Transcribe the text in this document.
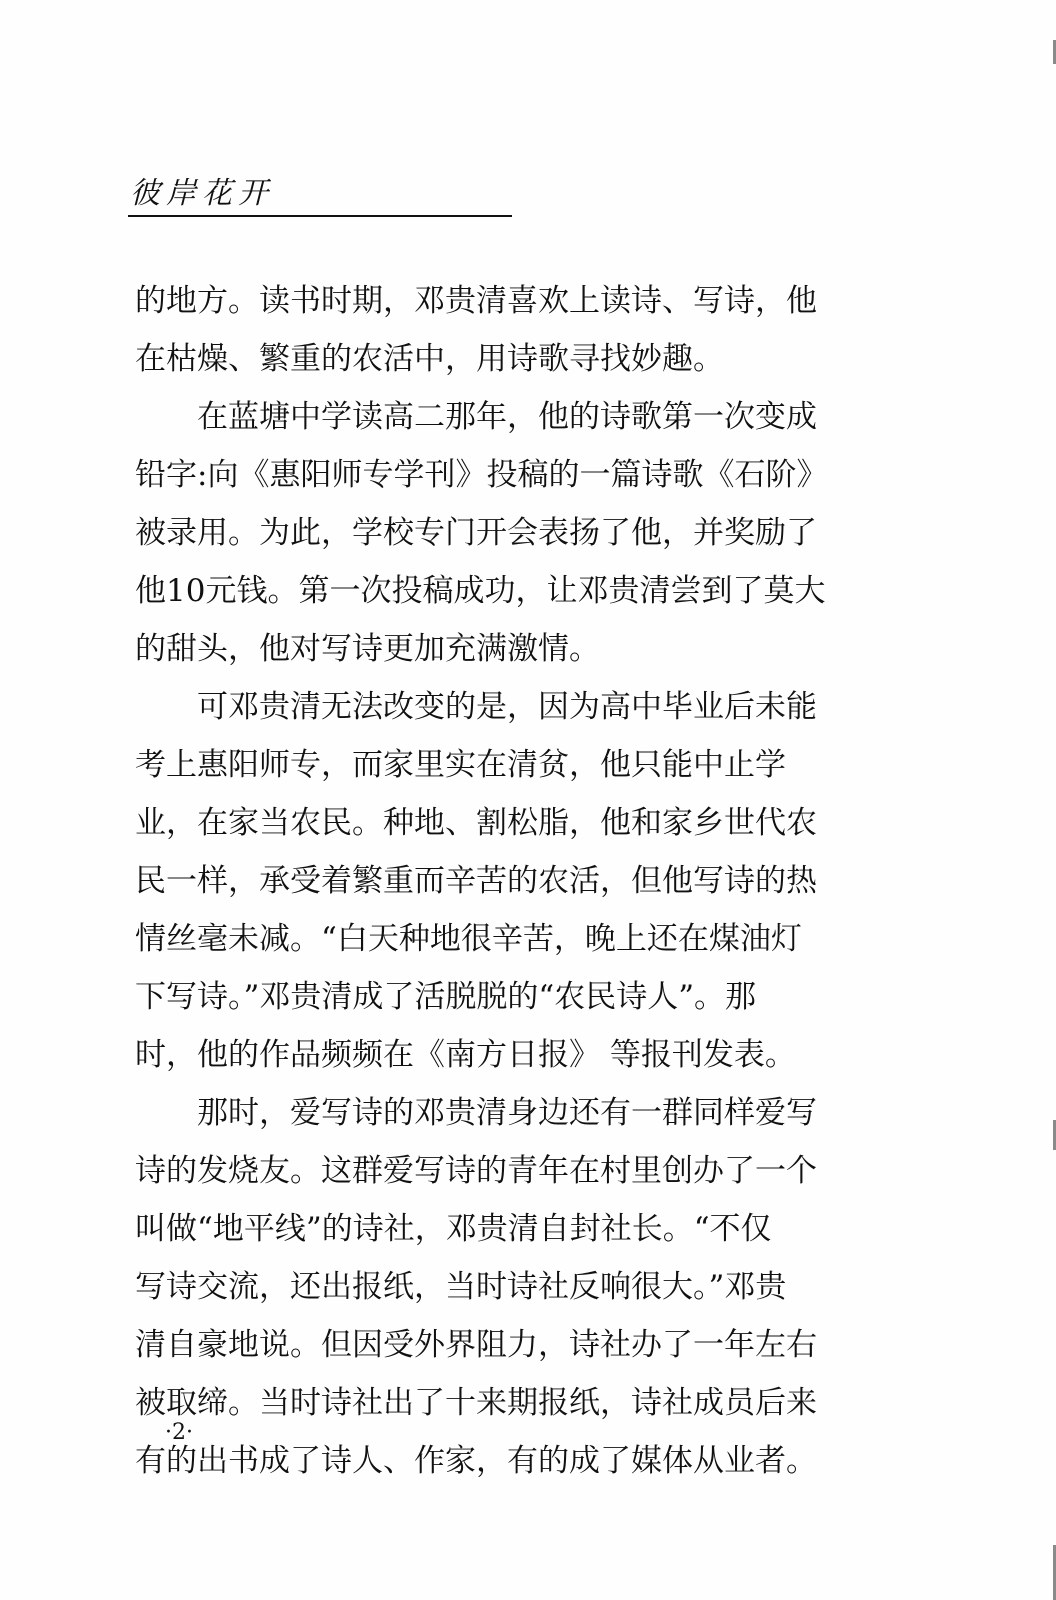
彼岸花开
的地方。读书时期，邓贵清喜欢上读诗、写诗，他
在枯燥、繁重的农活中，用诗歌寻找妙趣。
在蓝塘中学读高二那年，他的诗歌第一次变成
铅字:向《惠阳师专学刊》投稿的一篇诗歌《石阶》
被录用。为此，学校专门开会表扬了他，并奖励了
他10元钱。第一次投稿成功，让邓贵清尝到了莫大
的甜头，他对写诗更加充满激情。
可邓贵清无法改变的是，因为高中毕业后未能
考上惠阳师专，而家里实在清贫，他只能中止学
业，在家当农民。种地、割松脂，他和家乡世代农
民一样，承受着繁重而辛苦的农活，但他写诗的热
情丝毫未减。“白天种地很辛苦，晚上还在煤油灯
下写诗。”邓贵清成了活脱脱的“农民诗人”。那
时，他的作品频频在《南方日报》 等报刊发表。
那时，爱写诗的邓贵清身边还有一群同样爱写
诗的发烧友。这群爱写诗的青年在村里创办了一个
叫做“地平线”的诗社，邓贵清自封社长。“不仅
写诗交流，还出报纸，当时诗社反响很大。”邓贵
清自豪地说。但因受外界阻力，诗社办了一年左右
被取缔。当时诗社出了十来期报纸，诗社成员后来
有的出书成了诗人、作家，有的成了媒体从业者。
·2·
